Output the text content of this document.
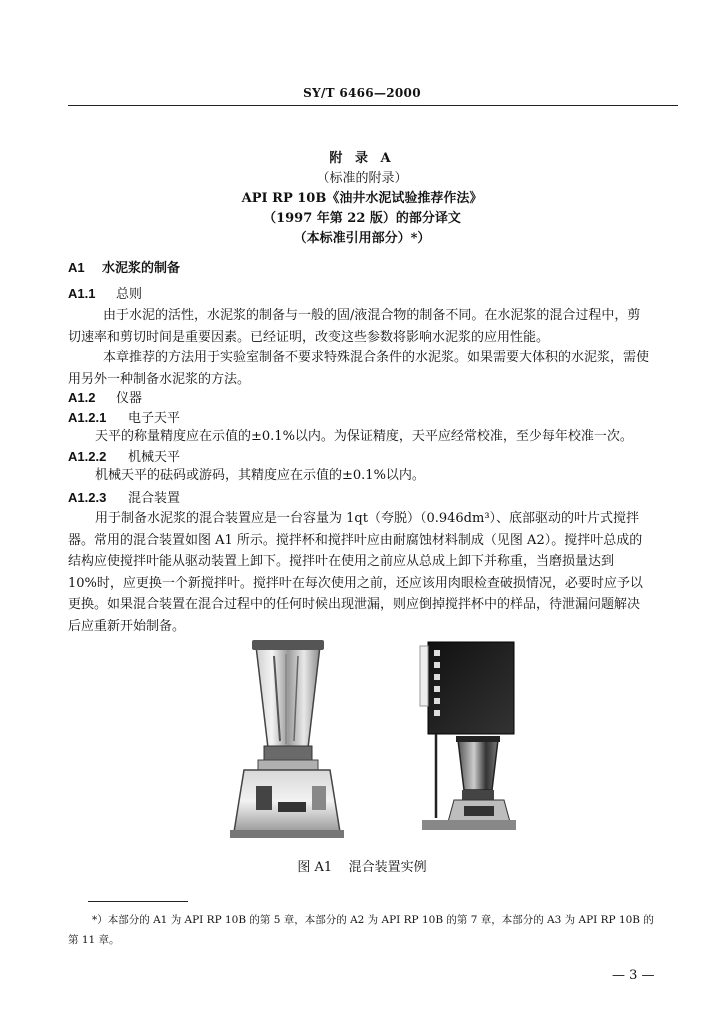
SY/T 6466—2000
附 录 A
（标准的附录）
API RP 10B《油井水泥试验推荐作法》
（1997 年第 22 版）的部分译文
（本标准引用部分）*）
A1 水泥浆的制备
A1.1 总则
由于水泥的活性，水泥浆的制备与一般的固/液混合物的制备不同。在水泥浆的混合过程中，剪
切速率和剪切时间是重要因素。已经证明，改变这些参数将影响水泥浆的应用性能。
本章推荐的方法用于实验室制备不要求特殊混合条件的水泥浆。如果需要大体积的水泥浆，需使
用另外一种制备水泥浆的方法。
A1.2 仪器
A1.2.1 电子天平
天平的称量精度应在示值的±0.1%以内。为保证精度，天平应经常校准，至少每年校准一次。
A1.2.2 机械天平
机械天平的砝码或游码，其精度应在示值的±0.1%以内。
A1.2.3 混合装置
用于制备水泥浆的混合装置应是一台容量为 1qt（夸脱）（0.946dm³）、底部驱动的叶片式搅拌
器。常用的混合装置如图 A1 所示。搅拌杯和搅拌叶应由耐腐蚀材料制成（见图 A2）。搅拌叶总成的
结构应使搅拌叶能从驱动装置上卸下。搅拌叶在使用之前应从总成上卸下并称重，当磨损量达到
10%时，应更换一个新搅拌叶。搅拌叶在每次使用之前，还应该用肉眼检查破损情况，必要时应予以
更换。如果混合装置在混合过程中的任何时候出现泄漏，则应倒掉搅拌杯中的样品，待泄漏问题解决
后应重新开始制备。
图 A1    混合装置实例
*）本部分的 A1 为 API RP 10B 的第 5 章，本部分的 A2 为 API RP 10B 的第 7 章，本部分的 A3 为 API RP 10B 的
第 11 章。
— 3 —
